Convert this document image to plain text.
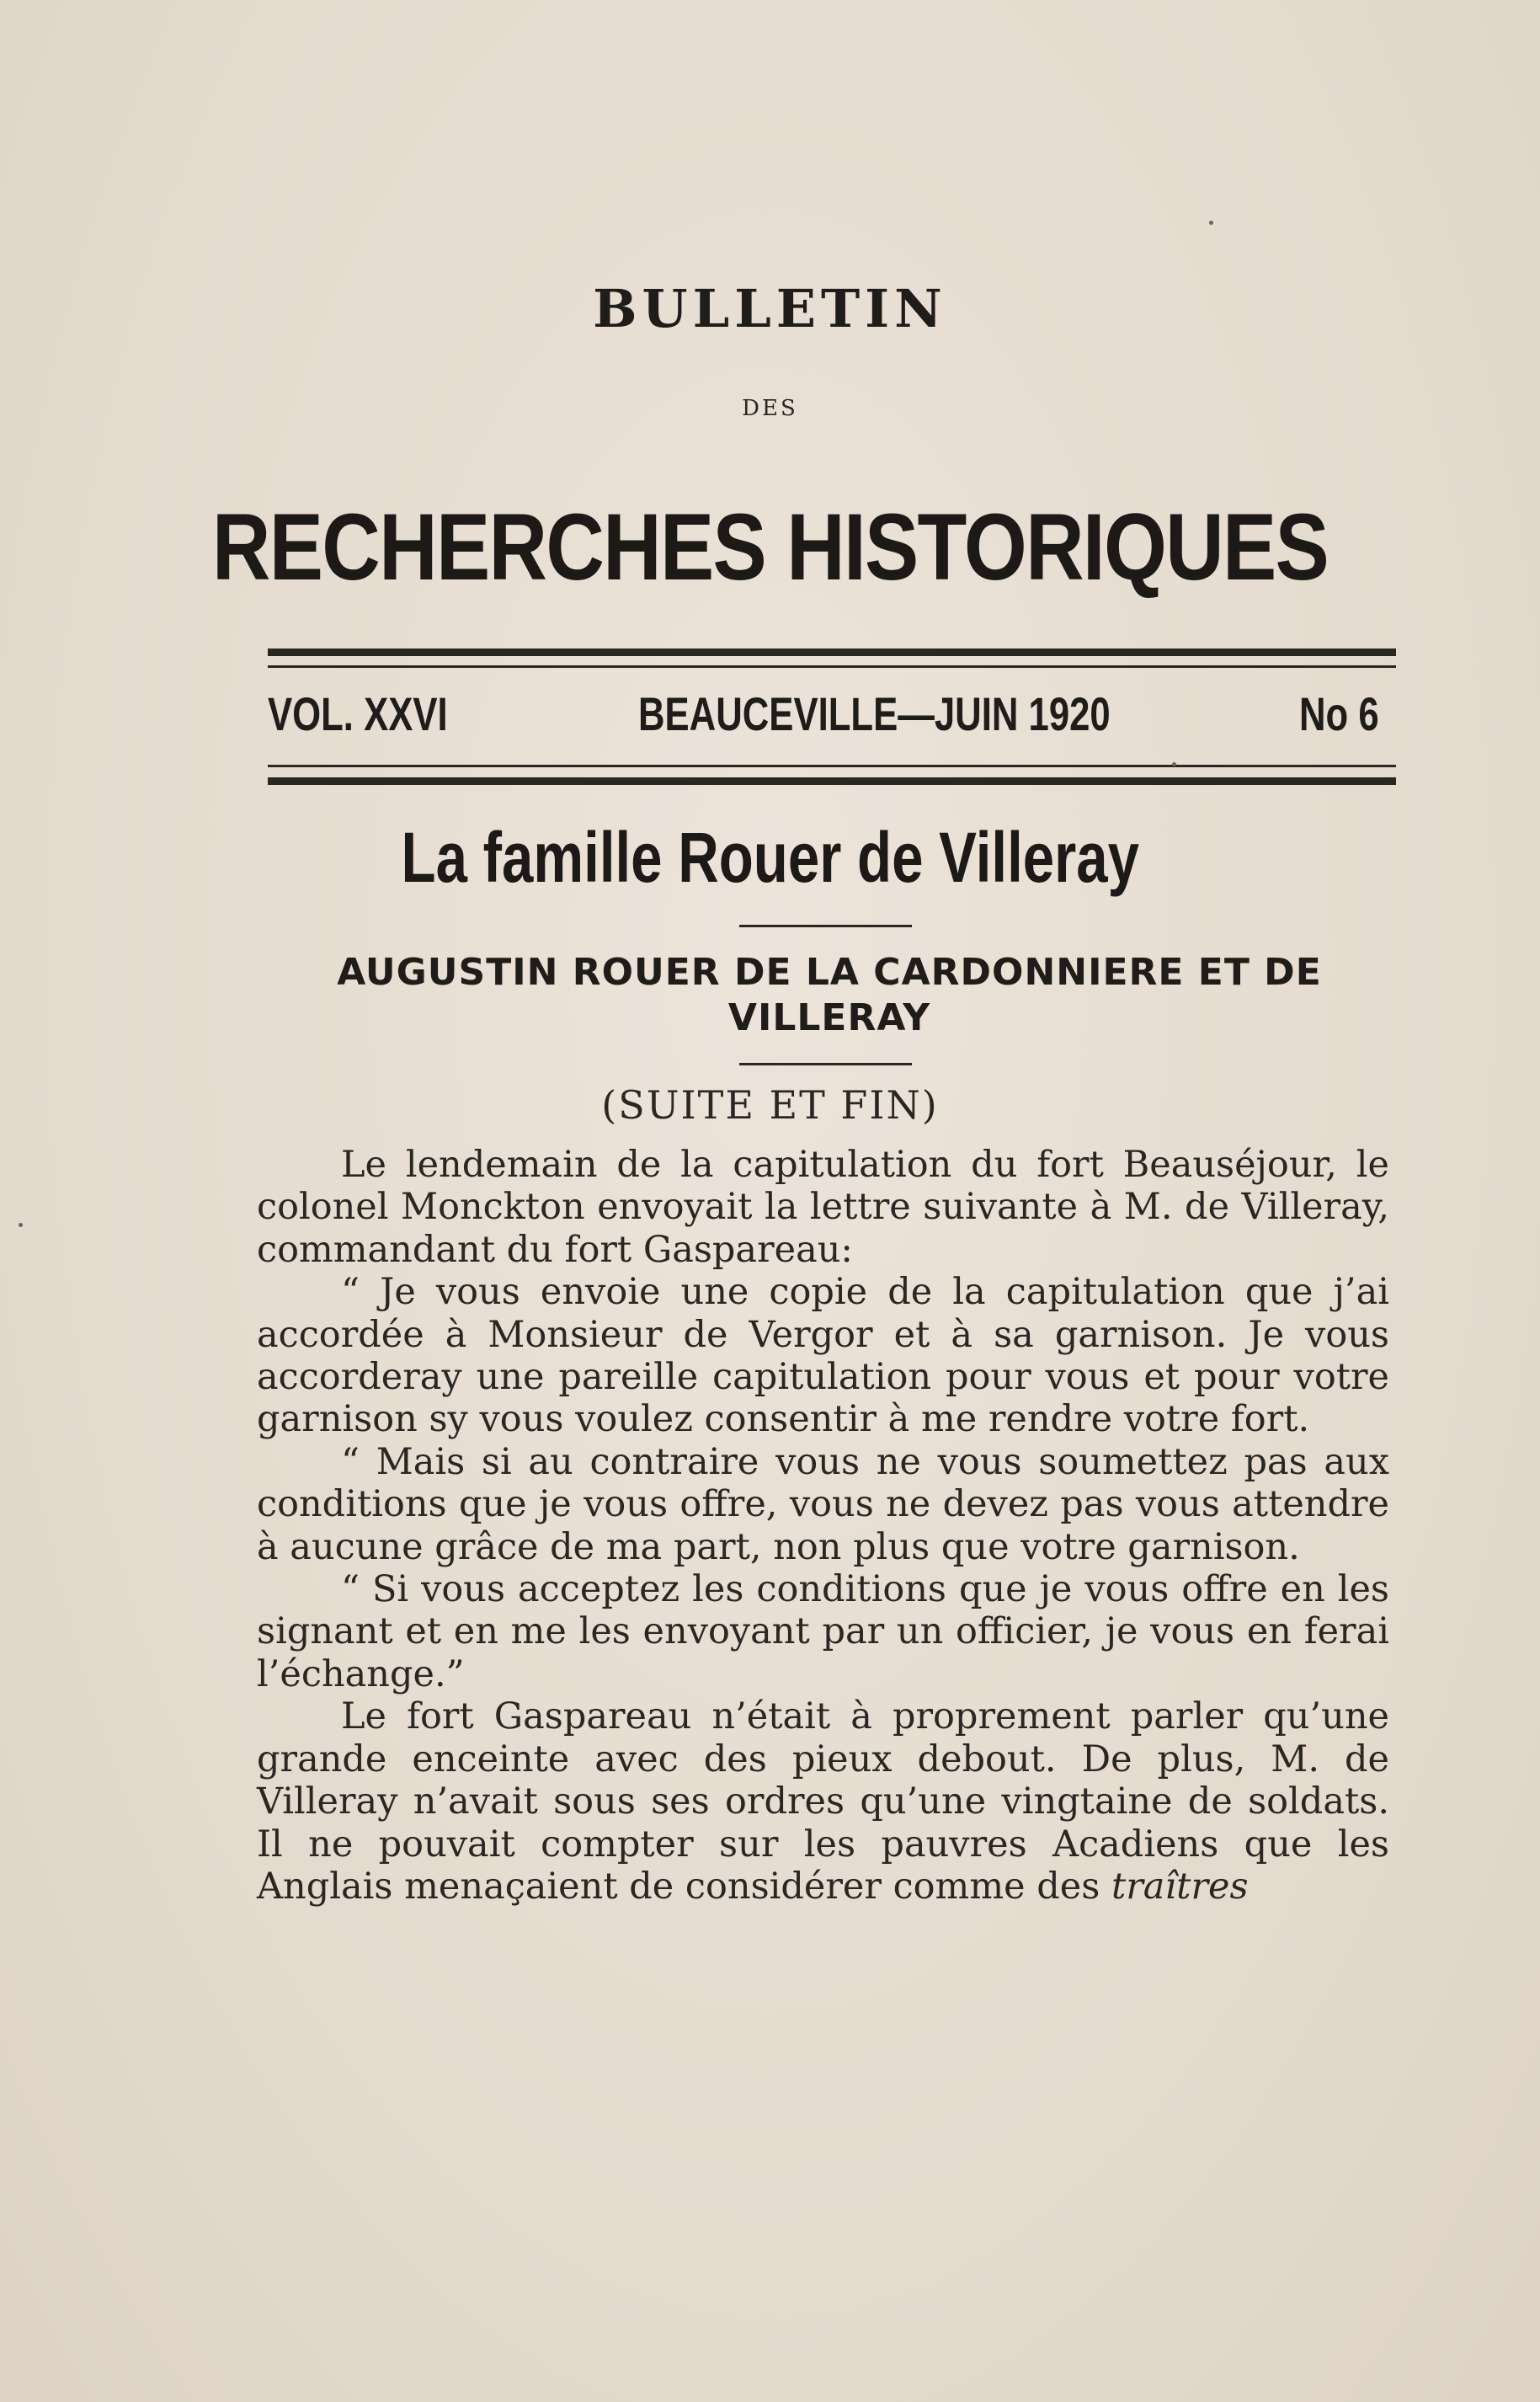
BULLETIN
DES
RECHERCHES HISTORIQUES
VOL. XXVI	BEAUCEVILLE—JUIN 1920	No 6
La famille Rouer de Villeray
AUGUSTIN ROUER DE LA CARDONNIERE ET DE VILLERAY
(SUITE ET FIN)

Le lendemain de la capitulation du fort Beauséjour, le colonel Monckton envoyait la lettre suivante à M. de Villeray, commandant du fort Gaspareau:

“ Je vous envoie une copie de la capitulation que j’ai accordée à Monsieur de Vergor et à sa garnison. Je vous accorderay une pareille capitulation pour vous et pour votre garnison sy vous voulez consentir à me rendre votre fort.

“ Mais si au contraire vous ne vous soumettez pas aux conditions que je vous offre, vous ne devez pas vous attendre à aucune grâce de ma part, non plus que votre garnison.

“ Si vous acceptez les conditions que je vous offre en les signant et en me les envoyant par un officier, je vous en ferai l’échange.”

Le fort Gaspareau n’était à proprement parler qu’une grande enceinte avec des pieux debout. De plus, M. de Villeray n’avait sous ses ordres qu’une vingtaine de soldats. Il ne pouvait compter sur les pauvres Acadiens que les Anglais menaçaient de considérer comme des traîtres
